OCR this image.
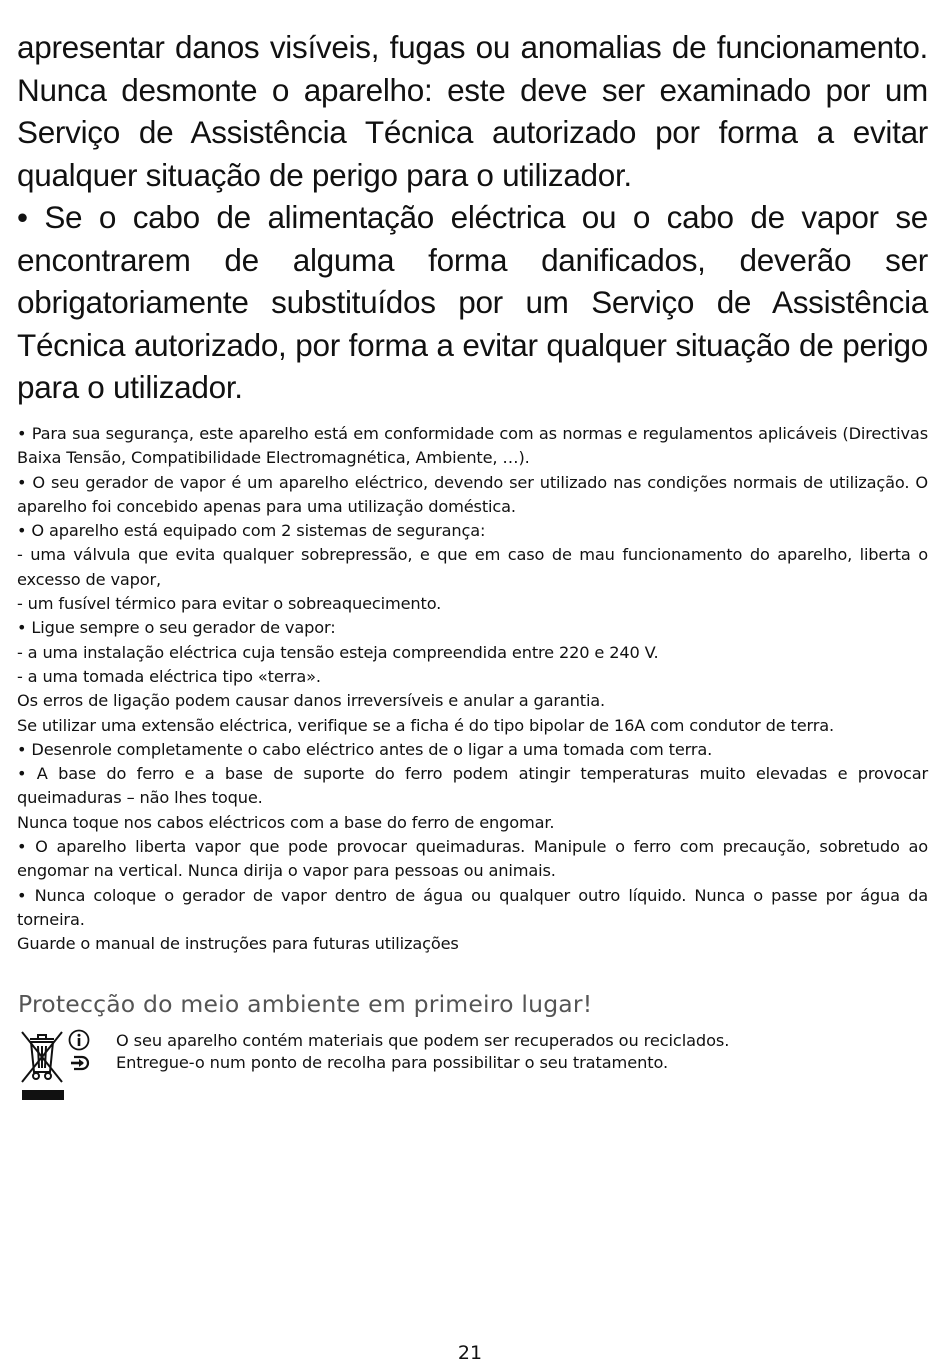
apresentar danos visíveis, fugas ou anomalias de funcionamento. Nunca desmonte o aparelho: este deve ser examinado por um Serviço de Assistência Técnica autorizado por forma a evitar qualquer situação de perigo para o utilizador.

• Se o cabo de alimentação eléctrica ou o cabo de vapor se encontrarem de alguma forma danificados, deverão ser obrigatoriamente substituídos por um Serviço de Assistência Técnica autorizado, por forma a evitar qualquer situação de perigo para o utilizador.

• Para sua segurança, este aparelho está em conformidade com as normas e regulamentos aplicáveis (Directivas Baixa Tensão, Compatibilidade Electromagnética, Ambiente, …).

• O seu gerador de vapor é um aparelho eléctrico, devendo ser utilizado nas condições normais de utilização. O aparelho foi concebido apenas para uma utilização doméstica.

• O aparelho está equipado com 2 sistemas de segurança:

- uma válvula que evita qualquer sobrepressão, e que em caso de mau funcionamento do aparelho, liberta o excesso de vapor,

- um fusível térmico para evitar o sobreaquecimento.

• Ligue sempre o seu gerador de vapor:

- a uma instalação eléctrica cuja tensão esteja compreendida entre 220 e 240 V.

- a uma tomada eléctrica tipo «terra».

Os erros de ligação podem causar danos irreversíveis e anular a garantia.

Se utilizar uma extensão eléctrica, verifique se a ficha é do tipo bipolar de 16A com condutor de terra.

• Desenrole completamente o cabo eléctrico antes de o ligar a uma tomada com terra.

• A base do ferro e a base de suporte do ferro podem atingir temperaturas muito elevadas e provocar queimaduras – não lhes toque.

Nunca toque nos cabos eléctricos com a base do ferro de engomar.

• O aparelho liberta vapor que pode provocar queimaduras. Manipule o ferro com precaução, sobretudo ao engomar na vertical. Nunca dirija o vapor para pessoas ou animais.

• Nunca coloque o gerador de vapor dentro de água ou qualquer outro líquido. Nunca o passe por água da torneira.

Guarde o manual de instruções para futuras utilizações

Protecção do meio ambiente em primeiro lugar!
O seu aparelho contém materiais que podem ser recuperados ou reciclados.
Entregue-o num ponto de recolha para possibilitar o seu tratamento.
21
